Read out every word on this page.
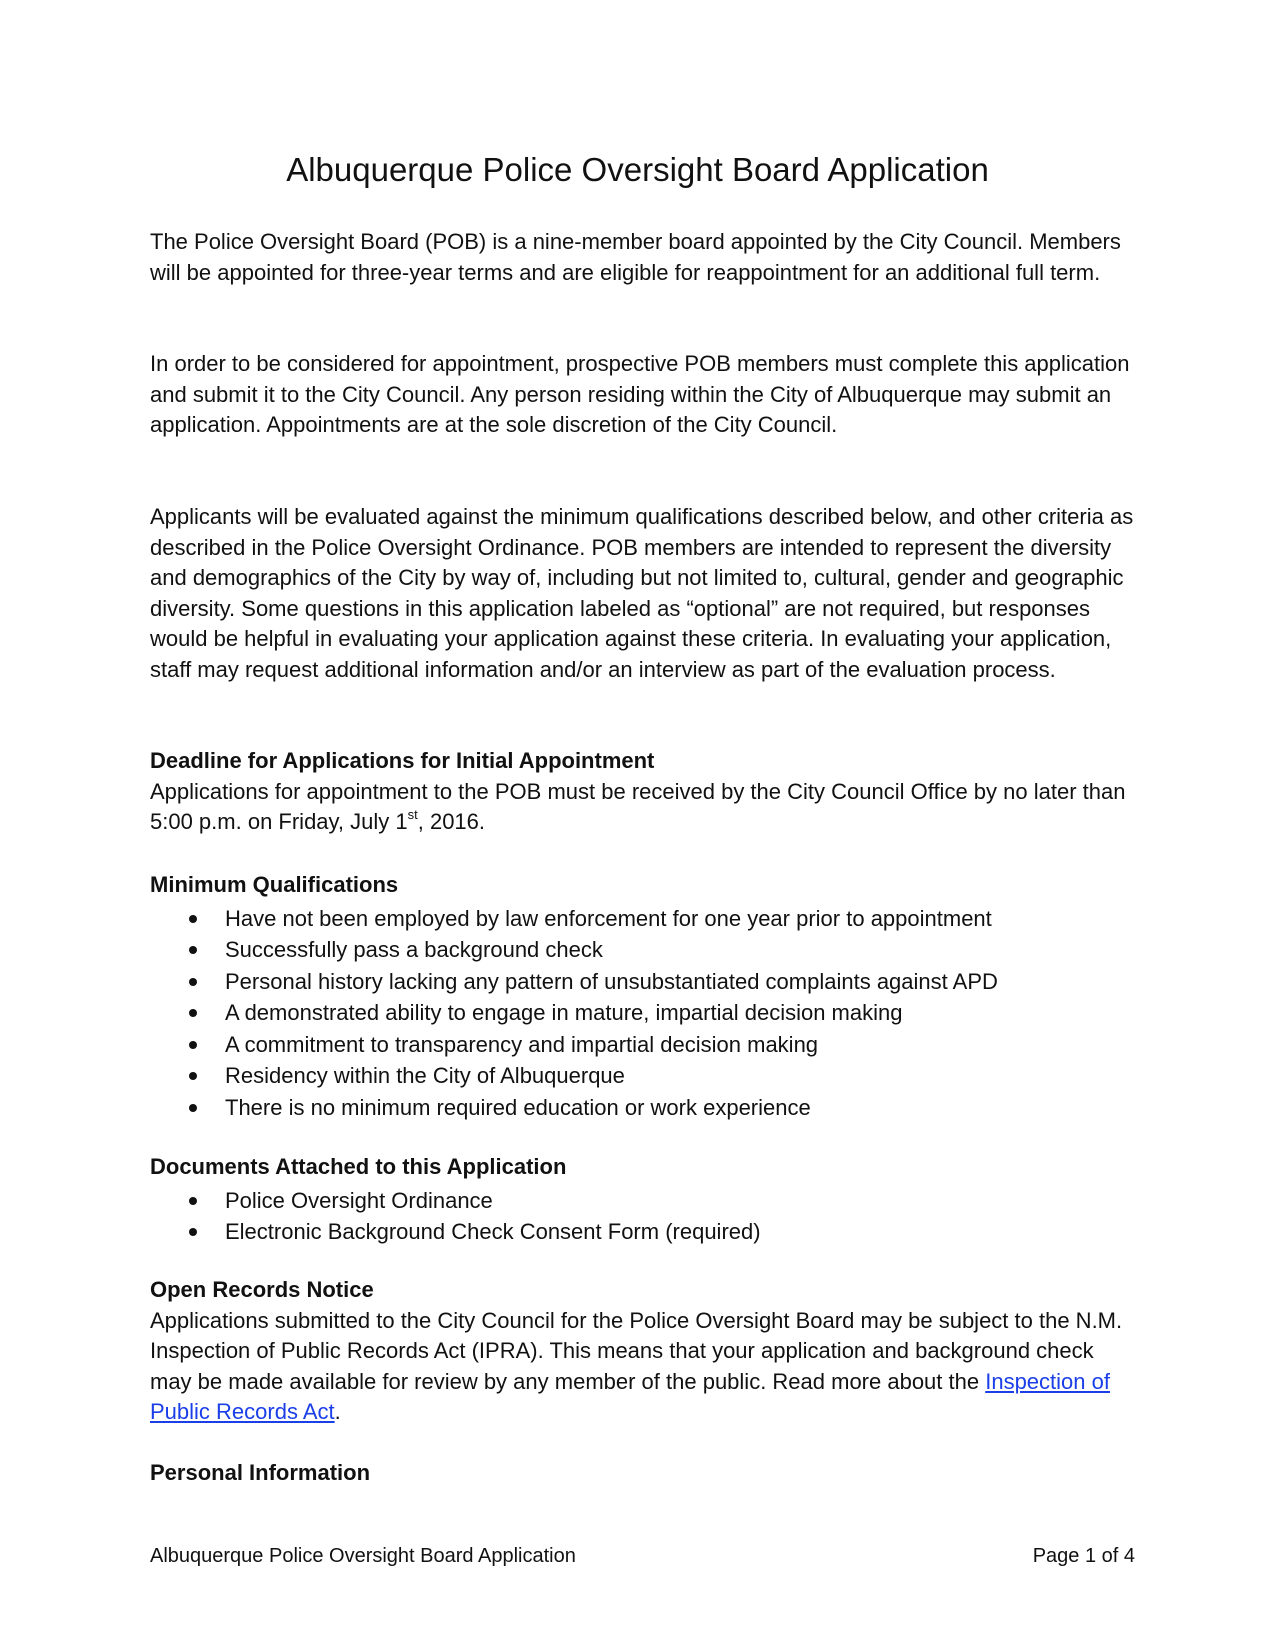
Albuquerque Police Oversight Board Application

The Police Oversight Board (POB) is a nine-member board appointed by the City Council. Members will be appointed for three-year terms and are eligible for reappointment for an additional full term.

In order to be considered for appointment, prospective POB members must complete this application and submit it to the City Council. Any person residing within the City of Albuquerque may submit an application. Appointments are at the sole discretion of the City Council.

Applicants will be evaluated against the minimum qualifications described below, and other criteria as described in the Police Oversight Ordinance. POB members are intended to represent the diversity and demographics of the City by way of, including but not limited to, cultural, gender and geographic diversity. Some questions in this application labeled as “optional” are not required, but responses would be helpful in evaluating your application against these criteria. In evaluating your application, staff may request additional information and/or an interview as part of the evaluation process.

Deadline for Applications for Initial Appointment

Applications for appointment to the POB must be received by the City Council Office by no later than 5:00 p.m. on Friday, July 1st, 2016.

Minimum Qualifications
Have not been employed by law enforcement for one year prior to appointment
Successfully pass a background check
Personal history lacking any pattern of unsubstantiated complaints against APD
A demonstrated ability to engage in mature, impartial decision making
A commitment to transparency and impartial decision making
Residency within the City of Albuquerque
There is no minimum required education or work experience
Documents Attached to this Application
Police Oversight Ordinance
Electronic Background Check Consent Form (required)
Open Records Notice

Applications submitted to the City Council for the Police Oversight Board may be subject to the N.M. Inspection of Public Records Act (IPRA). This means that your application and background check may be made available for review by any member of the public. Read more about the Inspection of Public Records Act.

Personal Information
Albuquerque Police Oversight Board Application	Page 1 of 4
